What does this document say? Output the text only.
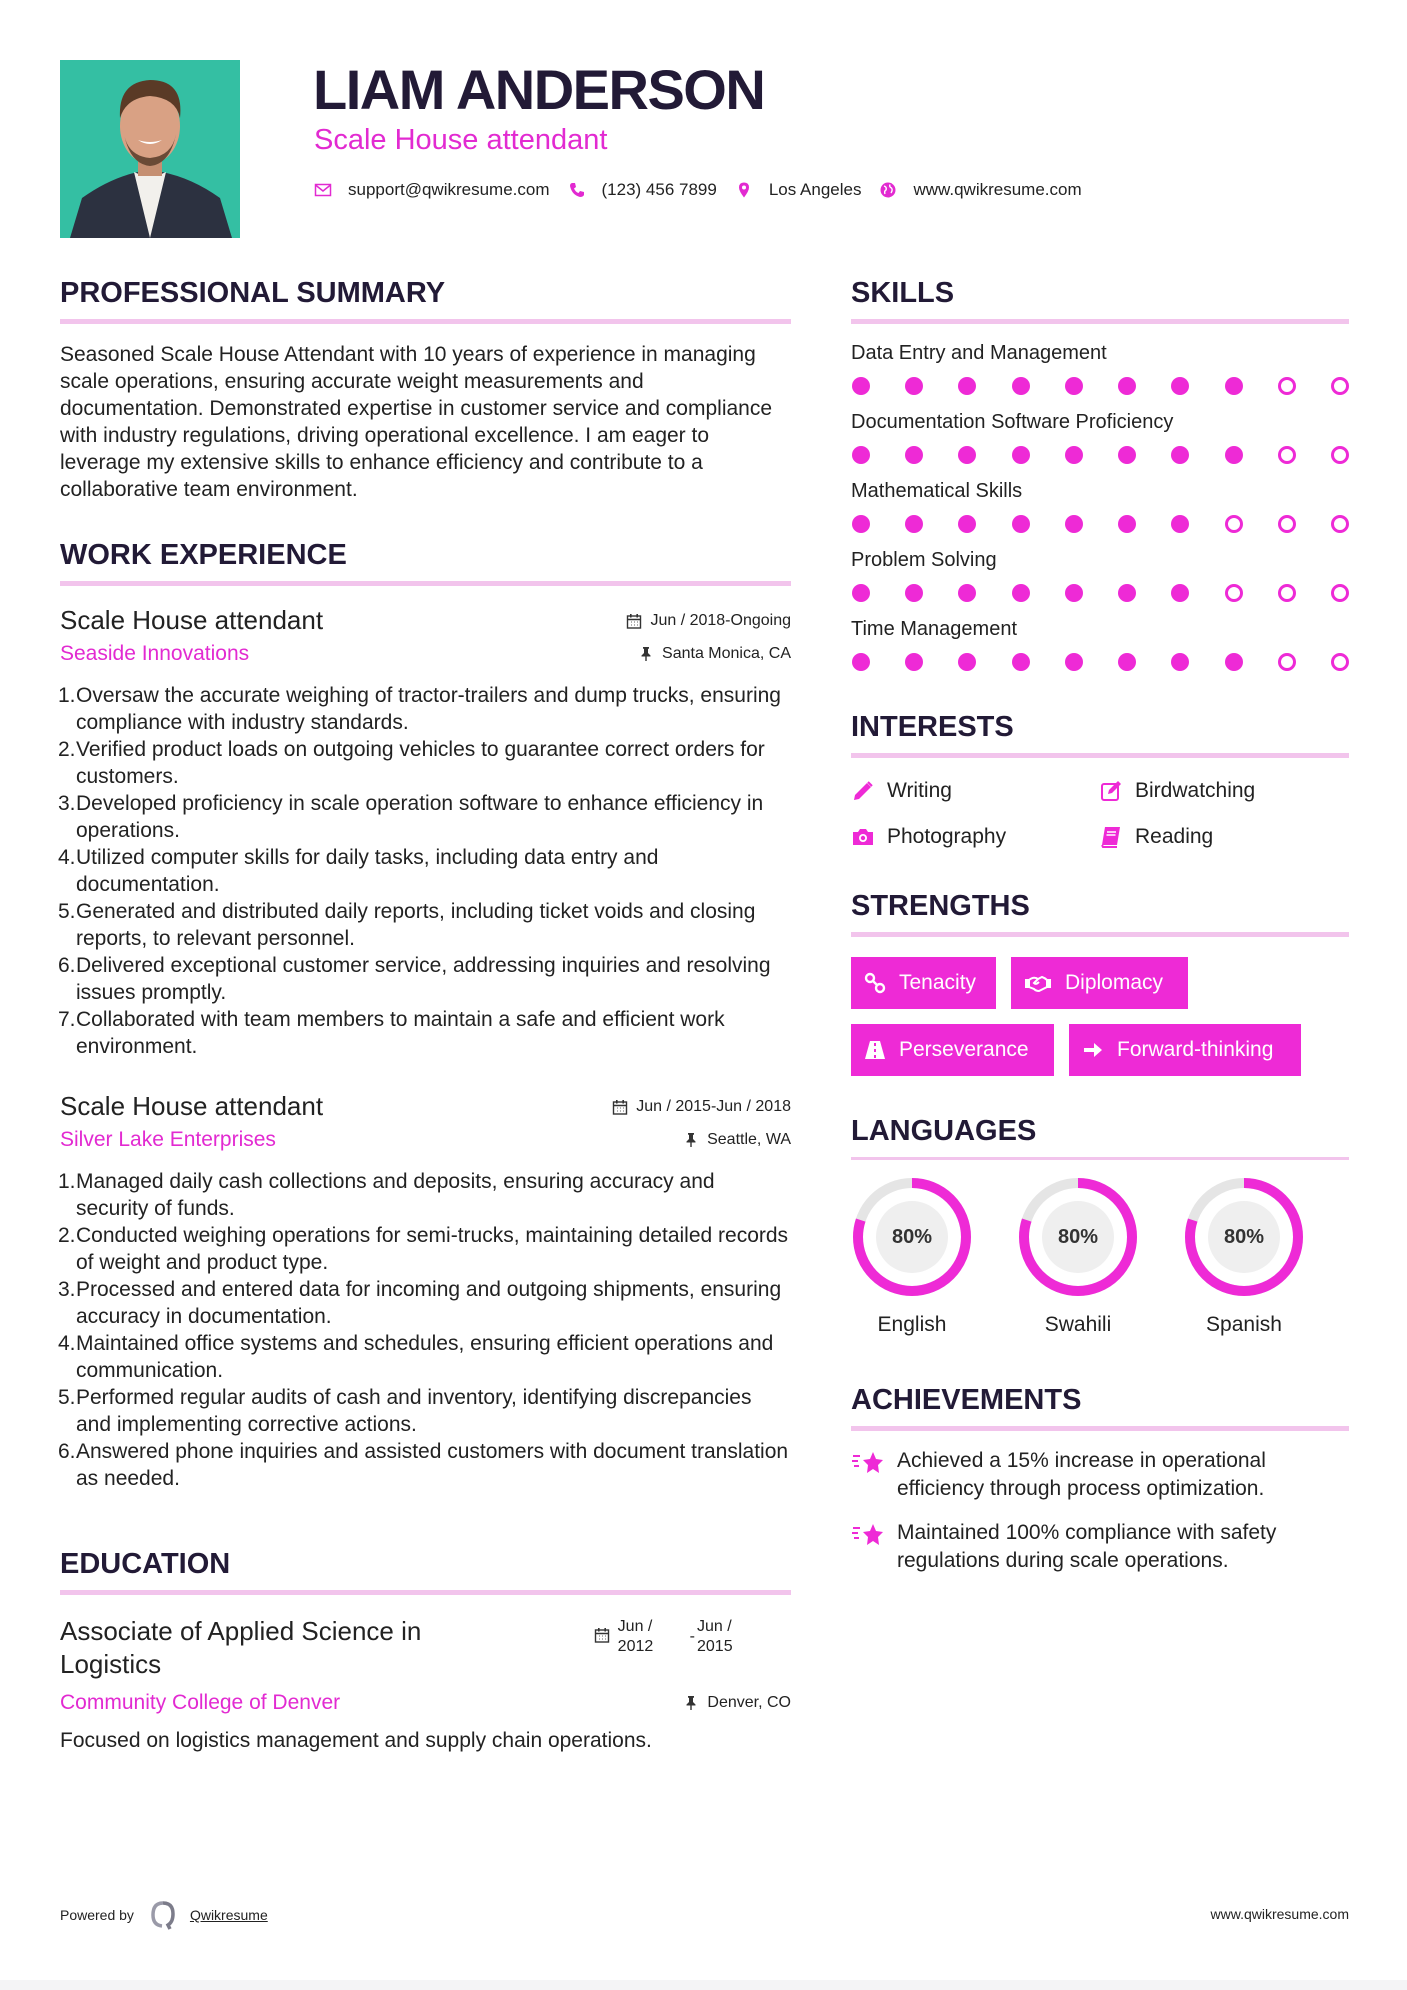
LIAM ANDERSON
Scale House attendant
support@qwikresume.com	(123) 456 7899	Los Angeles	www.qwikresume.com
PROFESSIONAL SUMMARY

Seasoned Scale House Attendant with 10 years of experience in managing scale operations, ensuring accurate weight measurements and documentation. Demonstrated expertise in customer service and compliance with industry regulations, driving operational excellence. I am eager to leverage my extensive skills to enhance efficiency and contribute to a collaborative team environment.

WORK EXPERIENCE
Scale House attendant	Jun / 2018-Ongoing
Seaside Innovations	Santa Monica, CA
1. Oversaw the accurate weighing of tractor-trailers and dump trucks, ensuring compliance with industry standards.
2. Verified product loads on outgoing vehicles to guarantee correct orders for customers.
3. Developed proficiency in scale operation software to enhance efficiency in operations.
4. Utilized computer skills for daily tasks, including data entry and documentation.
5. Generated and distributed daily reports, including ticket voids and closing reports, to relevant personnel.
6. Delivered exceptional customer service, addressing inquiries and resolving issues promptly.
7. Collaborated with team members to maintain a safe and efficient work environment.
Scale House attendant	Jun / 2015-Jun / 2018
Silver Lake Enterprises	Seattle, WA
1. Managed daily cash collections and deposits, ensuring accuracy and security of funds.
2. Conducted weighing operations for semi-trucks, maintaining detailed records of weight and product type.
3. Processed and entered data for incoming and outgoing shipments, ensuring accuracy in documentation.
4. Maintained office systems and schedules, ensuring efficient operations and communication.
5. Performed regular audits of cash and inventory, identifying discrepancies and implementing corrective actions.
6. Answered phone inquiries and assisted customers with document translation as needed.
EDUCATION
Associate of Applied Science in Logistics
Jun / 2012
-
Jun / 2015
Community College of Denver	Denver, CO

Focused on logistics management and supply chain operations.

SKILLS
Data Entry and Management
Documentation Software Proficiency
Mathematical Skills
Problem Solving
Time Management
INTERESTS
Writing	Birdwatching
Photography	Reading
STRENGTHS
Tenacity	Diplomacy
Perseverance	Forward-thinking
LANGUAGES
80%
English
80%
Swahili
80%
Spanish
ACHIEVEMENTS
Achieved a 15% increase in operational efficiency through process optimization.
Maintained 100% compliance with safety regulations during scale operations.
Powered by	Qwikresume	www.qwikresume.com
